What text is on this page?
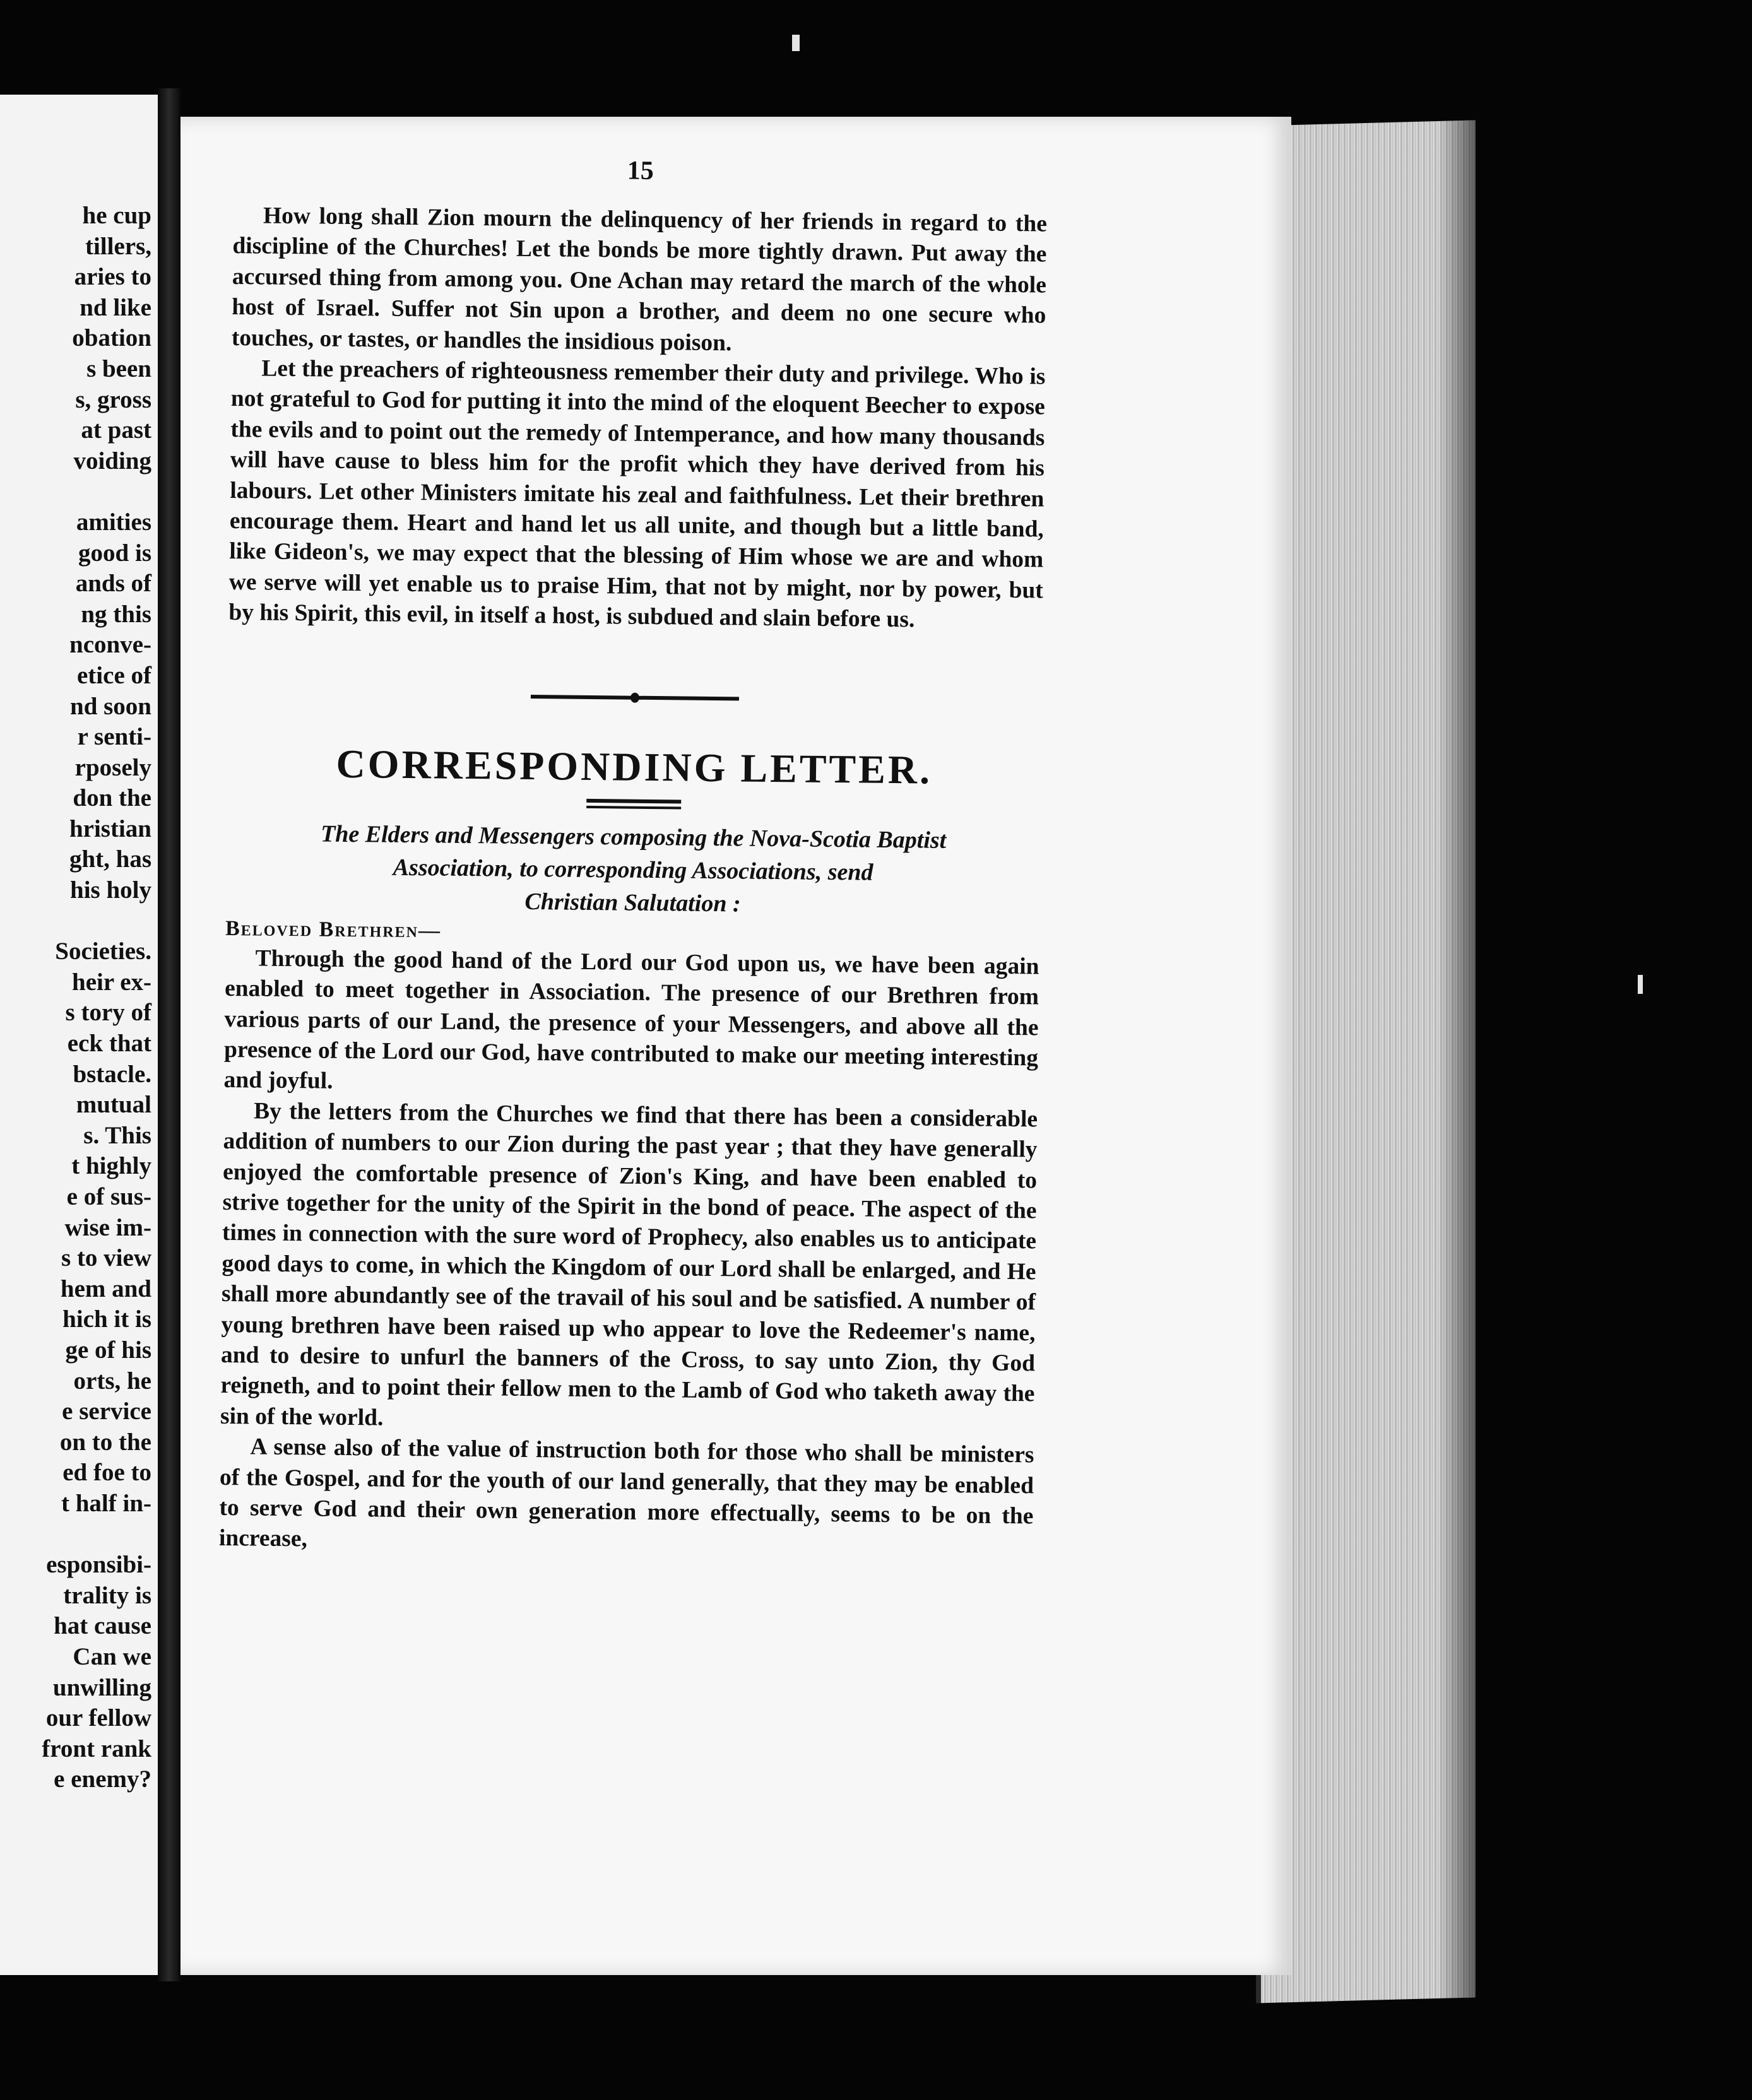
he cup
tillers,
aries to
nd like
obation
s been
s, gross
at past
voiding
amities
good is
ands of
ng this
nconve-
etice of
nd soon
r senti-
rposely
don the
hristian
ght, has
his holy
Societies.
heir ex-
s tory of
eck that
bstacle.
mutual
s. This
t highly
e of sus-
wise im-
s to view
hem and
hich it is
ge of his
orts, he
e service
on to the
ed foe to
t half in-
esponsibi-
trality is
hat cause
Can we
unwilling
our fellow
front rank
e enemy?
15

How long shall Zion mourn the delinquency of her friends in regard to the discipline of the Churches! Let the bonds be more tightly drawn. Put away the accursed thing from among you. One Achan may retard the march of the whole host of Israel. Suffer not Sin upon a brother, and deem no one secure who touches, or tastes, or handles the insidious poison.

Let the preachers of righteousness remember their duty and privilege. Who is not grateful to God for putting it into the mind of the eloquent Beecher to expose the evils and to point out the remedy of Intemperance, and how many thousands will have cause to bless him for the profit which they have derived from his labours. Let other Ministers imitate his zeal and faithfulness. Let their brethren encourage them. Heart and hand let us all unite, and though but a little band, like Gideon's, we may expect that the blessing of Him whose we are and whom we serve will yet enable us to praise Him, that not by might, nor by power, but by his Spirit, this evil, in itself a host, is subdued and slain before us.

CORRESPONDING LETTER.
The Elders and Messengers composing the Nova-Scotia Baptist
Association, to corresponding Associations, send
Christian Salutation :
Beloved Brethren—

Through the good hand of the Lord our God upon us, we have been again enabled to meet together in Association. The presence of our Brethren from various parts of our Land, the presence of your Messengers, and above all the presence of the Lord our God, have contributed to make our meeting interesting and joyful.

By the letters from the Churches we find that there has been a considerable addition of numbers to our Zion during the past year ; that they have generally enjoyed the comfortable presence of Zion's King, and have been enabled to strive together for the unity of the Spirit in the bond of peace. The aspect of the times in connection with the sure word of Prophecy, also enables us to anticipate good days to come, in which the Kingdom of our Lord shall be enlarged, and He shall more abundantly see of the travail of his soul and be satisfied. A number of young brethren have been raised up who appear to love the Redeemer's name, and to desire to unfurl the banners of the Cross, to say unto Zion, thy God reigneth, and to point their fellow men to the Lamb of God who taketh away the sin of the world.

A sense also of the value of instruction both for those who shall be ministers of the Gospel, and for the youth of our land generally, that they may be enabled to serve God and their own generation more effectually, seems to be on the increase,
